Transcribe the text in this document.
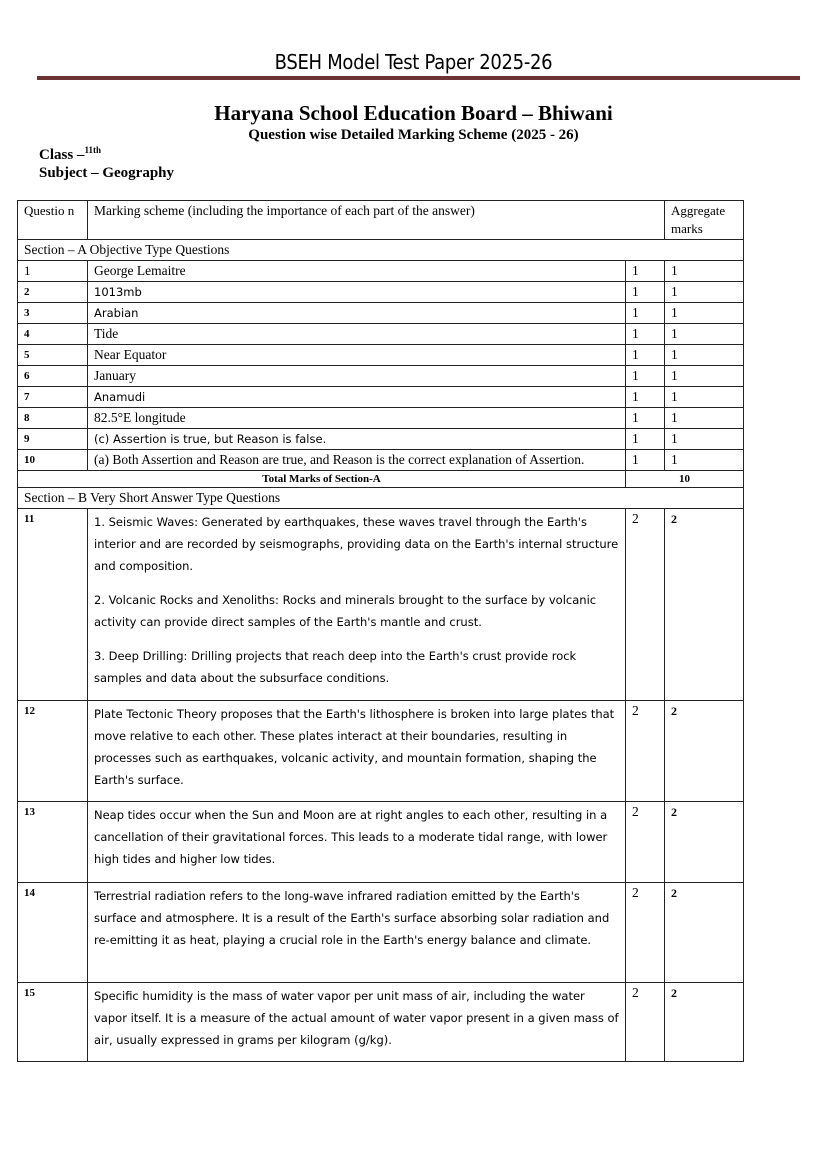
BSEH Model Test Paper 2025-26
Haryana School Education Board – Bhiwani
Question wise Detailed Marking Scheme (2025 - 26)
Class –$^{11th}$
Subject – Geography
Questio n	Marking scheme (including the importance of each part of the answer)		Aggregate marks
Section – A Objective Type Questions			
1	George Lemaitre	1	1
2	1013mb	1	1
3	Arabian	1	1
4	Tide	1	1
5	Near Equator	1	1
6	January	1	1
7	Anamudi	1	1
8	82.5°E longitude	1	1
9	(c) Assertion is true, but Reason is false.	1	1
10	(a) Both Assertion and Reason are true, and Reason is the correct explanation of Assertion.	1	1
Total Marks of Section-A		10	
Section – B Very Short Answer Type Questions			
11	1. Seismic Waves: Generated by earthquakes, these waves travel through the Earth's interior and are recorded by seismographs, providing data on the Earth's internal structure and composition.

2. Volcanic Rocks and Xenoliths: Rocks and minerals brought to the surface by volcanic activity can provide direct samples of the Earth's mantle and crust.

3. Deep Drilling: Drilling projects that reach deep into the Earth's crust provide rock samples and data about the subsurface conditions.	2	2
12	Plate Tectonic Theory proposes that the Earth's lithosphere is broken into large plates that move relative to each other. These plates interact at their boundaries, resulting in processes such as earthquakes, volcanic activity, and mountain formation, shaping the Earth's surface.	2	2
13	Neap tides occur when the Sun and Moon are at right angles to each other, resulting in a cancellation of their gravitational forces. This leads to a moderate tidal range, with lower high tides and higher low tides.	2	2
14	Terrestrial radiation refers to the long-wave infrared radiation emitted by the Earth's surface and atmosphere. It is a result of the Earth's surface absorbing solar radiation and re-emitting it as heat, playing a crucial role in the Earth's energy balance and climate.	2	2
15	Specific humidity is the mass of water vapor per unit mass of air, including the water vapor itself. It is a measure of the actual amount of water vapor present in a given mass of air, usually expressed in grams per kilogram (g/kg).	2	2
